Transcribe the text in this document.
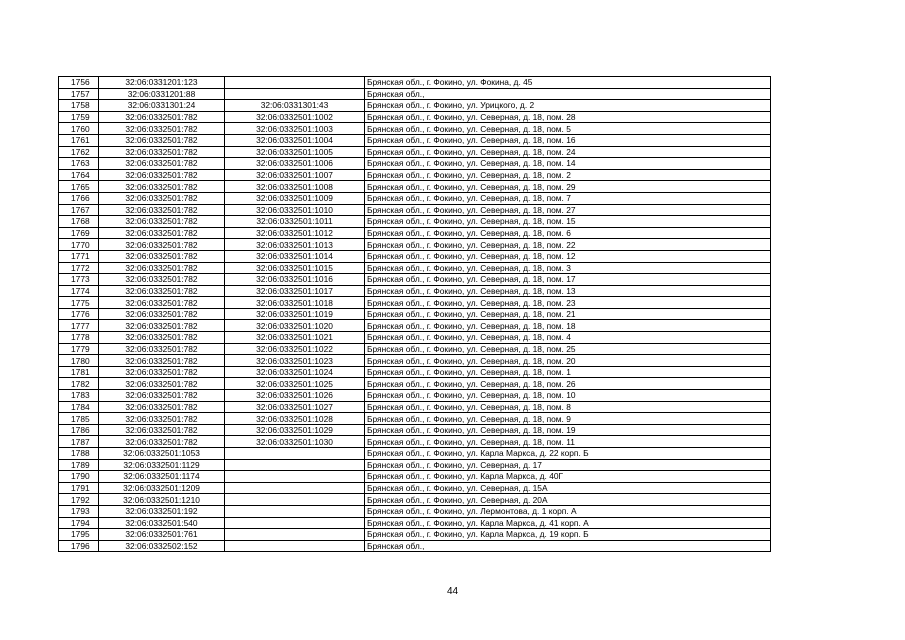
1756	32:06:0331201:123		Брянская обл., г. Фокино, ул. Фокина, д. 45
1757	32:06:0331201:88		Брянская обл.,
1758	32:06:0331301:24	32:06:0331301:43	Брянская обл., г. Фокино, ул. Урицкого, д. 2
1759	32:06:0332501:782	32:06:0332501:1002	Брянская обл., г. Фокино, ул. Северная, д. 18, пом. 28
1760	32:06:0332501:782	32:06:0332501:1003	Брянская обл., г. Фокино, ул. Северная, д. 18, пом. 5
1761	32:06:0332501:782	32:06:0332501:1004	Брянская обл., г. Фокино, ул. Северная, д. 18, пом. 16
1762	32:06:0332501:782	32:06:0332501:1005	Брянская обл., г. Фокино, ул. Северная, д. 18, пом. 24
1763	32:06:0332501:782	32:06:0332501:1006	Брянская обл., г. Фокино, ул. Северная, д. 18, пом. 14
1764	32:06:0332501:782	32:06:0332501:1007	Брянская обл., г. Фокино, ул. Северная, д. 18, пом. 2
1765	32:06:0332501:782	32:06:0332501:1008	Брянская обл., г. Фокино, ул. Северная, д. 18, пом. 29
1766	32:06:0332501:782	32:06:0332501:1009	Брянская обл., г. Фокино, ул. Северная, д. 18, пом. 7
1767	32:06:0332501:782	32:06:0332501:1010	Брянская обл., г. Фокино, ул. Северная, д. 18, пом. 27
1768	32:06:0332501:782	32:06:0332501:1011	Брянская обл., г. Фокино, ул. Северная, д. 18, пом. 15
1769	32:06:0332501:782	32:06:0332501:1012	Брянская обл., г. Фокино, ул. Северная, д. 18, пом. 6
1770	32:06:0332501:782	32:06:0332501:1013	Брянская обл., г. Фокино, ул. Северная, д. 18, пом. 22
1771	32:06:0332501:782	32:06:0332501:1014	Брянская обл., г. Фокино, ул. Северная, д. 18, пом. 12
1772	32:06:0332501:782	32:06:0332501:1015	Брянская обл., г. Фокино, ул. Северная, д. 18, пом. 3
1773	32:06:0332501:782	32:06:0332501:1016	Брянская обл., г. Фокино, ул. Северная, д. 18, пом. 17
1774	32:06:0332501:782	32:06:0332501:1017	Брянская обл., г. Фокино, ул. Северная, д. 18, пом. 13
1775	32:06:0332501:782	32:06:0332501:1018	Брянская обл., г. Фокино, ул. Северная, д. 18, пом. 23
1776	32:06:0332501:782	32:06:0332501:1019	Брянская обл., г. Фокино, ул. Северная, д. 18, пом. 21
1777	32:06:0332501:782	32:06:0332501:1020	Брянская обл., г. Фокино, ул. Северная, д. 18, пом. 18
1778	32:06:0332501:782	32:06:0332501:1021	Брянская обл., г. Фокино, ул. Северная, д. 18, пом. 4
1779	32:06:0332501:782	32:06:0332501:1022	Брянская обл., г. Фокино, ул. Северная, д. 18, пом. 25
1780	32:06:0332501:782	32:06:0332501:1023	Брянская обл., г. Фокино, ул. Северная, д. 18, пом. 20
1781	32:06:0332501:782	32:06:0332501:1024	Брянская обл., г. Фокино, ул. Северная, д. 18, пом. 1
1782	32:06:0332501:782	32:06:0332501:1025	Брянская обл., г. Фокино, ул. Северная, д. 18, пом. 26
1783	32:06:0332501:782	32:06:0332501:1026	Брянская обл., г. Фокино, ул. Северная, д. 18, пом. 10
1784	32:06:0332501:782	32:06:0332501:1027	Брянская обл., г. Фокино, ул. Северная, д. 18, пом. 8
1785	32:06:0332501:782	32:06:0332501:1028	Брянская обл., г. Фокино, ул. Северная, д. 18, пом. 9
1786	32:06:0332501:782	32:06:0332501:1029	Брянская обл., г. Фокино, ул. Северная, д. 18, пом. 19
1787	32:06:0332501:782	32:06:0332501:1030	Брянская обл., г. Фокино, ул. Северная, д. 18, пом. 11
1788	32:06:0332501:1053		Брянская обл., г. Фокино, ул. Карла Маркса, д. 22 корп. Б
1789	32:06:0332501:1129		Брянская обл., г. Фокино, ул. Северная, д. 17
1790	32:06:0332501:1174		Брянская обл., г. Фокино, ул. Карла Маркса, д. 40Г
1791	32:06:0332501:1209		Брянская обл., г. Фокино, ул. Северная, д. 15А
1792	32:06:0332501:1210		Брянская обл., г. Фокино, ул. Северная, д. 20А
1793	32:06:0332501:192		Брянская обл., г. Фокино, ул. Лермонтова, д. 1 корп. А
1794	32:06:0332501:540		Брянская обл., г. Фокино, ул. Карла Маркса, д. 41 корп. А
1795	32:06:0332501:761		Брянская обл., г. Фокино, ул. Карла Маркса, д. 19 корп. Б
1796	32:06:0332502:152		Брянская обл.,
44
